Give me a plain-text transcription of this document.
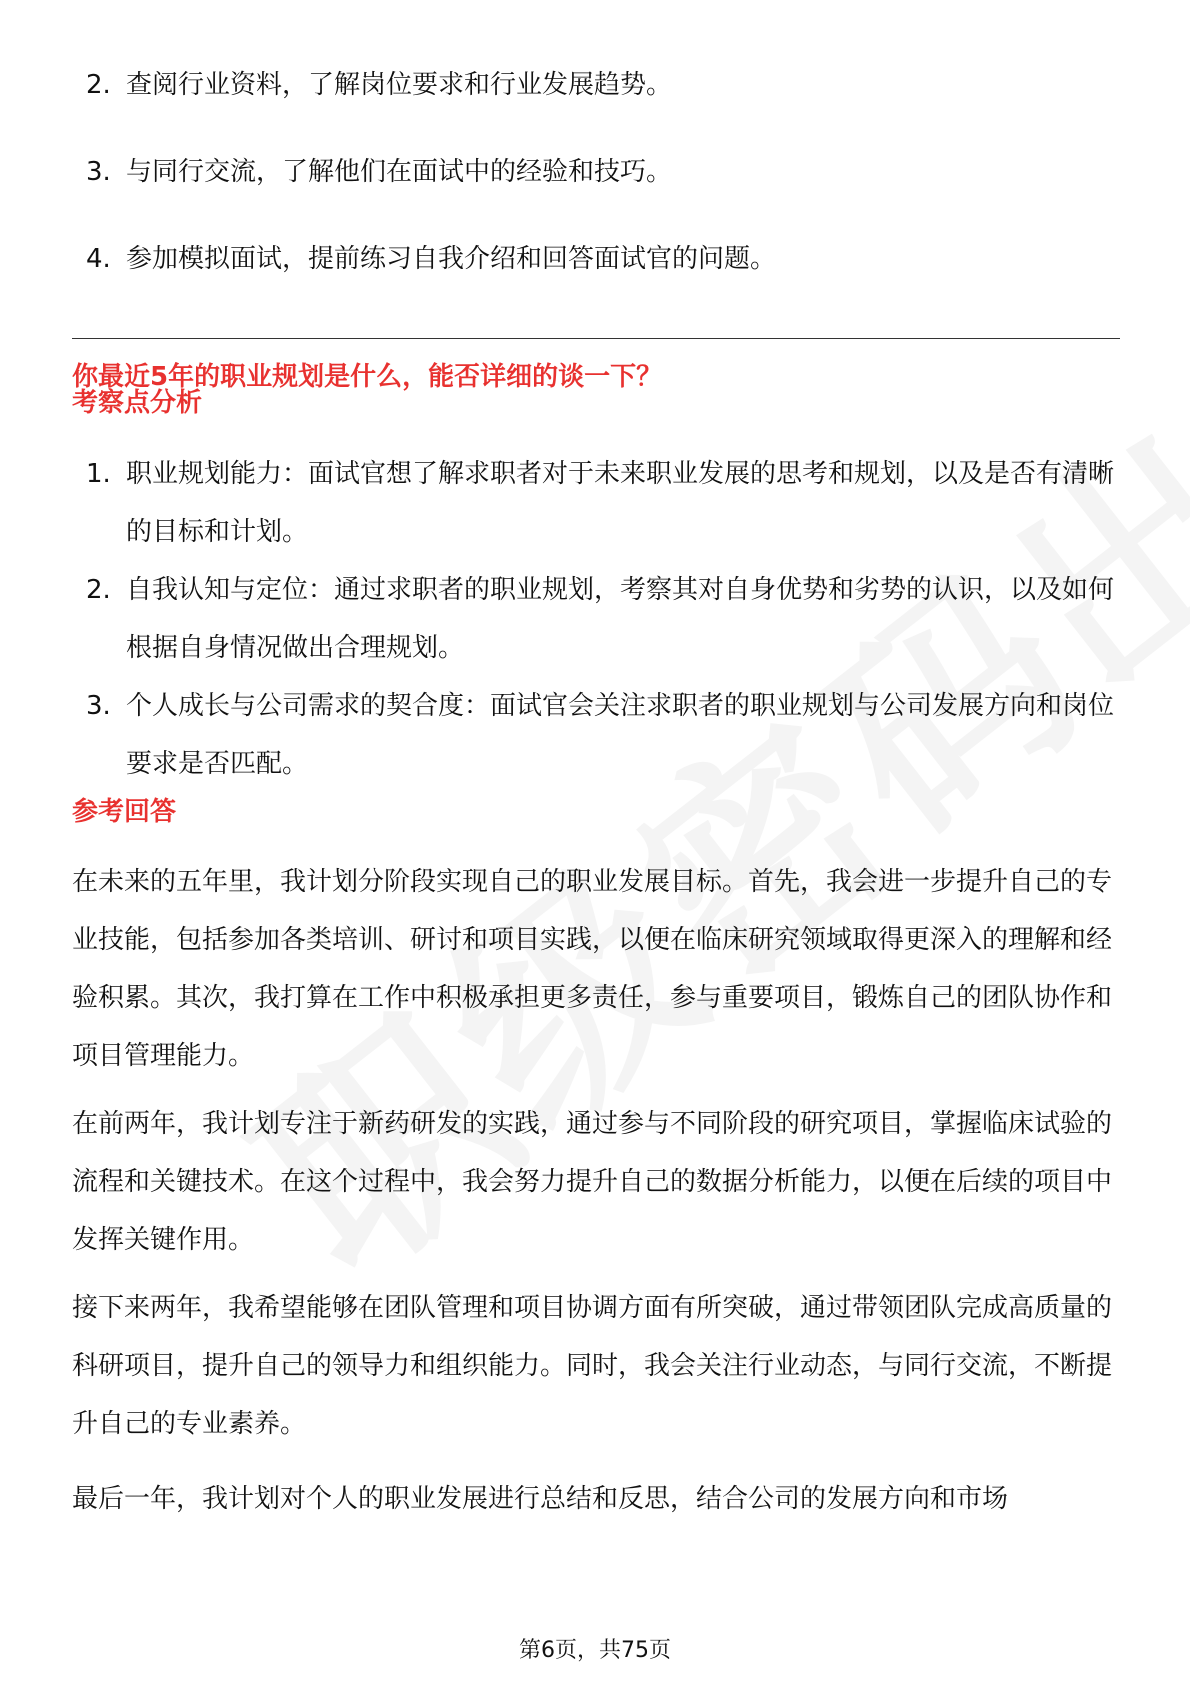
2. 查阅行业资料，了解岗位要求和行业发展趋势。
3. 与同行交流，了解他们在面试中的经验和技巧。
4. 参加模拟面试，提前练习自我介绍和回答面试官的问题。
你最近5年的职业规划是什么，能否详细的谈一下？
考察点分析
1. 职业规划能力：面试官想了解求职者对于未来职业发展的思考和规划，以及是否有清晰的目标和计划。
2. 自我认知与定位：通过求职者的职业规划，考察其对自身优势和劣势的认识，以及如何根据自身情况做出合理规划。
3. 个人成长与公司需求的契合度：面试官会关注求职者的职业规划与公司发展方向和岗位要求是否匹配。
参考回答

在未来的五年里，我计划分阶段实现自己的职业发展目标。首先，我会进一步提升自己的专业技能，包括参加各类培训、研讨和项目实践，以便在临床研究领域取得更深入的理解和经验积累。其次，我打算在工作中积极承担更多责任，参与重要项目，锻炼自己的团队协作和项目管理能力。

在前两年，我计划专注于新药研发的实践，通过参与不同阶段的研究项目，掌握临床试验的流程和关键技术。在这个过程中，我会努力提升自己的数据分析能力，以便在后续的项目中发挥关键作用。

接下来两年，我希望能够在团队管理和项目协调方面有所突破，通过带领团队完成高质量的科研项目，提升自己的领导力和组织能力。同时，我会关注行业动态，与同行交流，不断提升自己的专业素养。

最后一年，我计划对个人的职业发展进行总结和反思，结合公司的发展方向和市场

第6页，共75页
